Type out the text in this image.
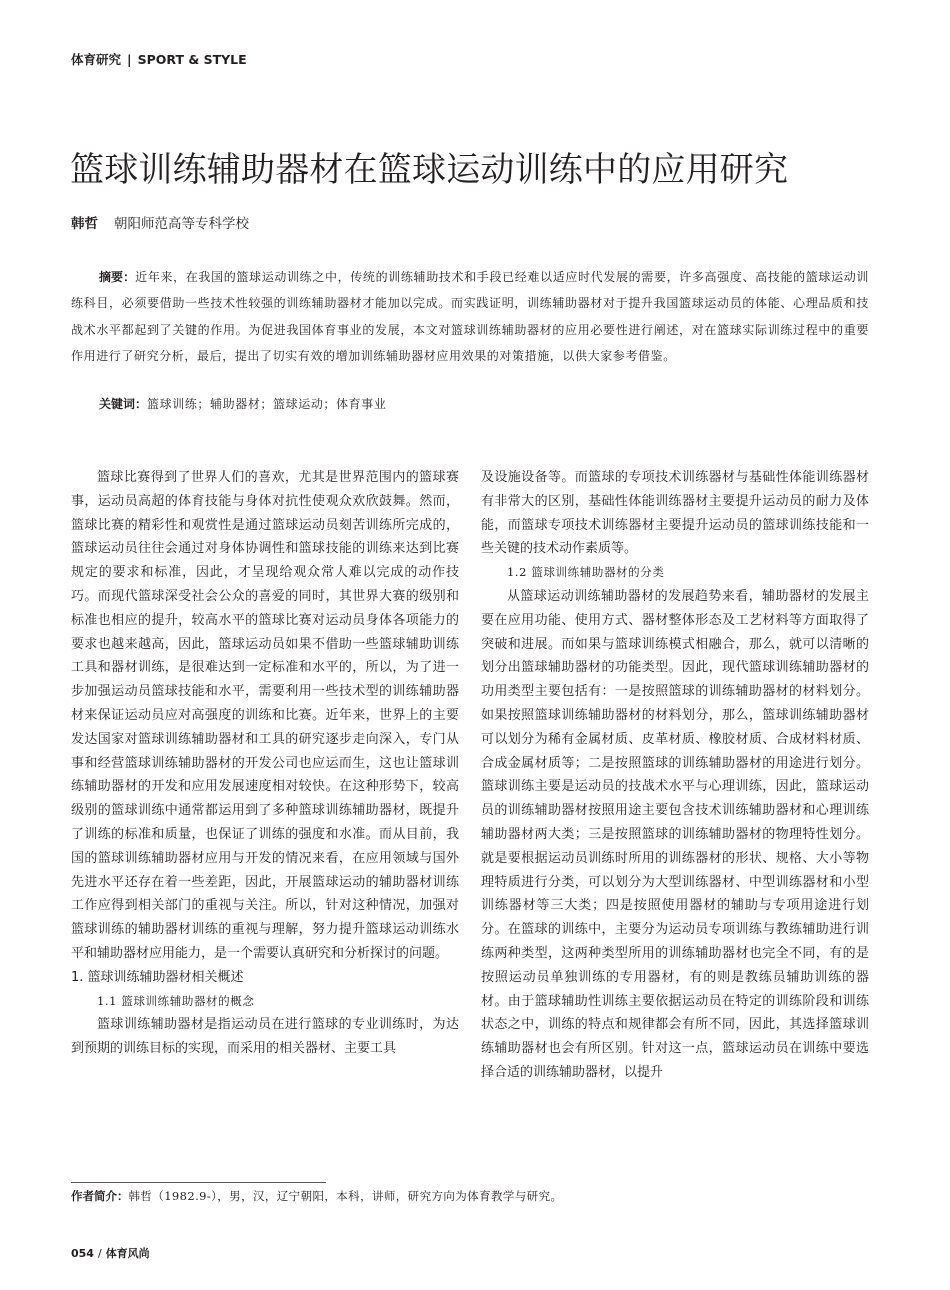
体育研究 | SPORT & STYLE
篮球训练辅助器材在篮球运动训练中的应用研究
韩哲 朝阳师范高等专科学校
摘要：近年来，在我国的篮球运动训练之中，传统的训练辅助技术和手段已经难以适应时代发展的需要，许多高强度、高技能的篮球运动训练科目，必须要借助一些技术性较强的训练辅助器材才能加以完成。而实践证明，训练辅助器材对于提升我国篮球运动员的体能、心理品质和技战术水平都起到了关键的作用。为促进我国体育事业的发展，本文对篮球训练辅助器材的应用必要性进行阐述，对在篮球实际训练过程中的重要作用进行了研究分析，最后，提出了切实有效的增加训练辅助器材应用效果的对策措施，以供大家参考借鉴。
关键词：篮球训练；辅助器材；篮球运动；体育事业

篮球比赛得到了世界人们的喜欢，尤其是世界范围内的篮球赛事，运动员高超的体育技能与身体对抗性使观众欢欣鼓舞。然而，篮球比赛的精彩性和观赏性是通过篮球运动员刻苦训练所完成的，篮球运动员往往会通过对身体协调性和篮球技能的训练来达到比赛规定的要求和标准，因此，才呈现给观众常人难以完成的动作技巧。而现代篮球深受社会公众的喜爱的同时，其世界大赛的级别和标准也相应的提升，较高水平的篮球比赛对运动员身体各项能力的要求也越来越高，因此，篮球运动员如果不借助一些篮球辅助训练工具和器材训练，是很难达到一定标准和水平的，所以，为了进一步加强运动员篮球技能和水平，需要利用一些技术型的训练辅助器材来保证运动员应对高强度的训练和比赛。近年来，世界上的主要发达国家对篮球训练辅助器材和工具的研究逐步走向深入，专门从事和经营篮球训练辅助器材的开发公司也应运而生，这也让篮球训练辅助器材的开发和应用发展速度相对较快。在这种形势下，较高级别的篮球训练中通常都运用到了多种篮球训练辅助器材，既提升了训练的标准和质量，也保证了训练的强度和水准。而从目前，我国的篮球训练辅助器材应用与开发的情况来看，在应用领域与国外先进水平还存在着一些差距，因此，开展篮球运动的辅助器材训练工作应得到相关部门的重视与关注。所以，针对这种情况，加强对篮球训练的辅助器材训练的重视与理解，努力提升篮球运动训练水平和辅助器材应用能力，是一个需要认真研究和分析探讨的问题。

1. 篮球训练辅助器材相关概述

1.1 篮球训练辅助器材的概念

篮球训练辅助器材是指运动员在进行篮球的专业训练时，为达到预期的训练目标的实现，而采用的相关器材、主要工具

及设施设备等。而篮球的专项技术训练器材与基础性体能训练器材有非常大的区别，基础性体能训练器材主要提升运动员的耐力及体能，而篮球专项技术训练器材主要提升运动员的篮球训练技能和一些关键的技术动作素质等。

1.2 篮球训练辅助器材的分类

从篮球运动训练辅助器材的发展趋势来看，辅助器材的发展主要在应用功能、使用方式、器材整体形态及工艺材料等方面取得了突破和进展。而如果与篮球训练模式相融合，那么，就可以清晰的划分出篮球辅助器材的功能类型。因此，现代篮球训练辅助器材的功用类型主要包括有：一是按照篮球的训练辅助器材的材料划分。如果按照篮球训练辅助器材的材料划分，那么，篮球训练辅助器材可以划分为稀有金属材质、皮革材质、橡胶材质、合成材料材质、合成金属材质等；二是按照篮球的训练辅助器材的用途进行划分。篮球训练主要是运动员的技战术水平与心理训练，因此，篮球运动员的训练辅助器材按照用途主要包含技术训练辅助器材和心理训练辅助器材两大类；三是按照篮球的训练辅助器材的物理特性划分。就是要根据运动员训练时所用的训练器材的形状、规格、大小等物理特质进行分类，可以划分为大型训练器材、中型训练器材和小型训练器材等三大类；四是按照使用器材的辅助与专项用途进行划分。在篮球的训练中，主要分为运动员专项训练与教练辅助进行训练两种类型，这两种类型所用的训练辅助器材也完全不同，有的是按照运动员单独训练的专用器材，有的则是教练员辅助训练的器材。由于篮球辅助性训练主要依据运动员在特定的训练阶段和训练状态之中，训练的特点和规律都会有所不同，因此，其选择篮球训练辅助器材也会有所区别。针对这一点，篮球运动员在训练中要选择合适的训练辅助器材，以提升

作者简介：韩哲（1982.9-），男，汉，辽宁朝阳，本科，讲师，研究方向为体育教学与研究。
054 / 体育风尚
